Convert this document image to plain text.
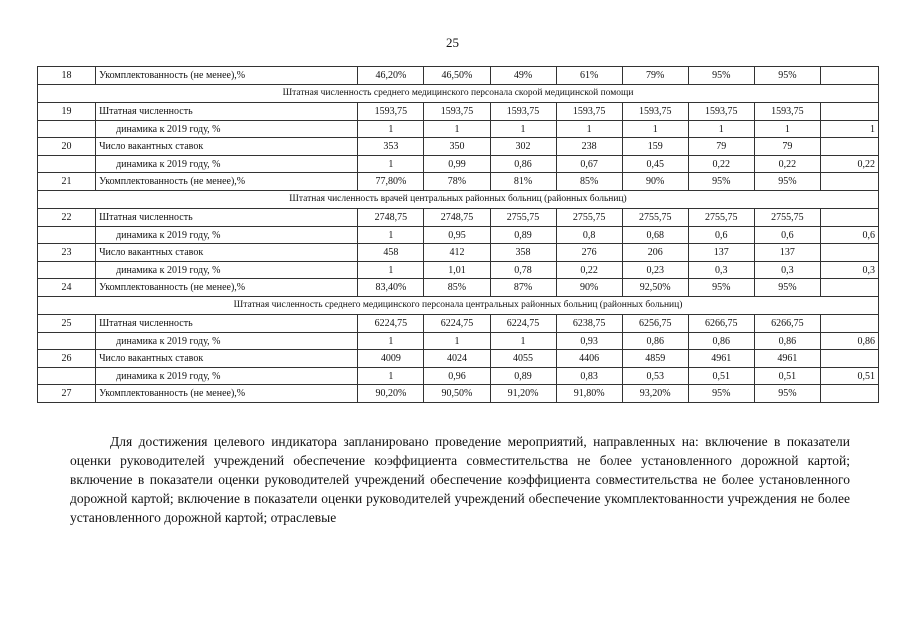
25
18	Укомплектованность (не менее),%	46,20%	46,50%	49%	61%	79%	95%	95%	
Штатная численность среднего медицинского персонала скорой медицинской помощи									
19	Штатная численность	1593,75	1593,75	1593,75	1593,75	1593,75	1593,75	1593,75	
	динамика к 2019 году, %	1	1	1	1	1	1	1	1
20	Число вакантных ставок	353	350	302	238	159	79	79	
	динамика к 2019 году, %	1	0,99	0,86	0,67	0,45	0,22	0,22	0,22
21	Укомплектованность (не менее),%	77,80%	78%	81%	85%	90%	95%	95%	
Штатная численность врачей центральных районных больниц (районных больниц)									
22	Штатная численность	2748,75	2748,75	2755,75	2755,75	2755,75	2755,75	2755,75	
	динамика к 2019 году, %	1	0,95	0,89	0,8	0,68	0,6	0,6	0,6
23	Число вакантных ставок	458	412	358	276	206	137	137	
	динамика к 2019 году, %	1	1,01	0,78	0,22	0,23	0,3	0,3	0,3
24	Укомплектованность (не менее),%	83,40%	85%	87%	90%	92,50%	95%	95%	
Штатная численность среднего медицинского персонала центральных районных больниц (районных больниц)									
25	Штатная численность	6224,75	6224,75	6224,75	6238,75	6256,75	6266,75	6266,75	
	динамика к 2019 году, %	1	1	1	0,93	0,86	0,86	0,86	0,86
26	Число вакантных ставок	4009	4024	4055	4406	4859	4961	4961	
	динамика к 2019 году, %	1	0,96	0,89	0,83	0,53	0,51	0,51	0,51
27	Укомплектованность (не менее),%	90,20%	90,50%	91,20%	91,80%	93,20%	95%	95%	
Для достижения целевого индикатора запланировано проведение мероприятий, направленных на: включение в показатели оценки руководителей учреждений обеспечение коэффициента совместительства не более установленного дорожной картой; включение в показатели оценки руководителей учреждений обеспечение коэффициента совместительства не более установленного дорожной картой; включение в показатели оценки руководителей учреждений обеспечение укомплектованности учреждения не более установленного дорожной картой; отраслевые
